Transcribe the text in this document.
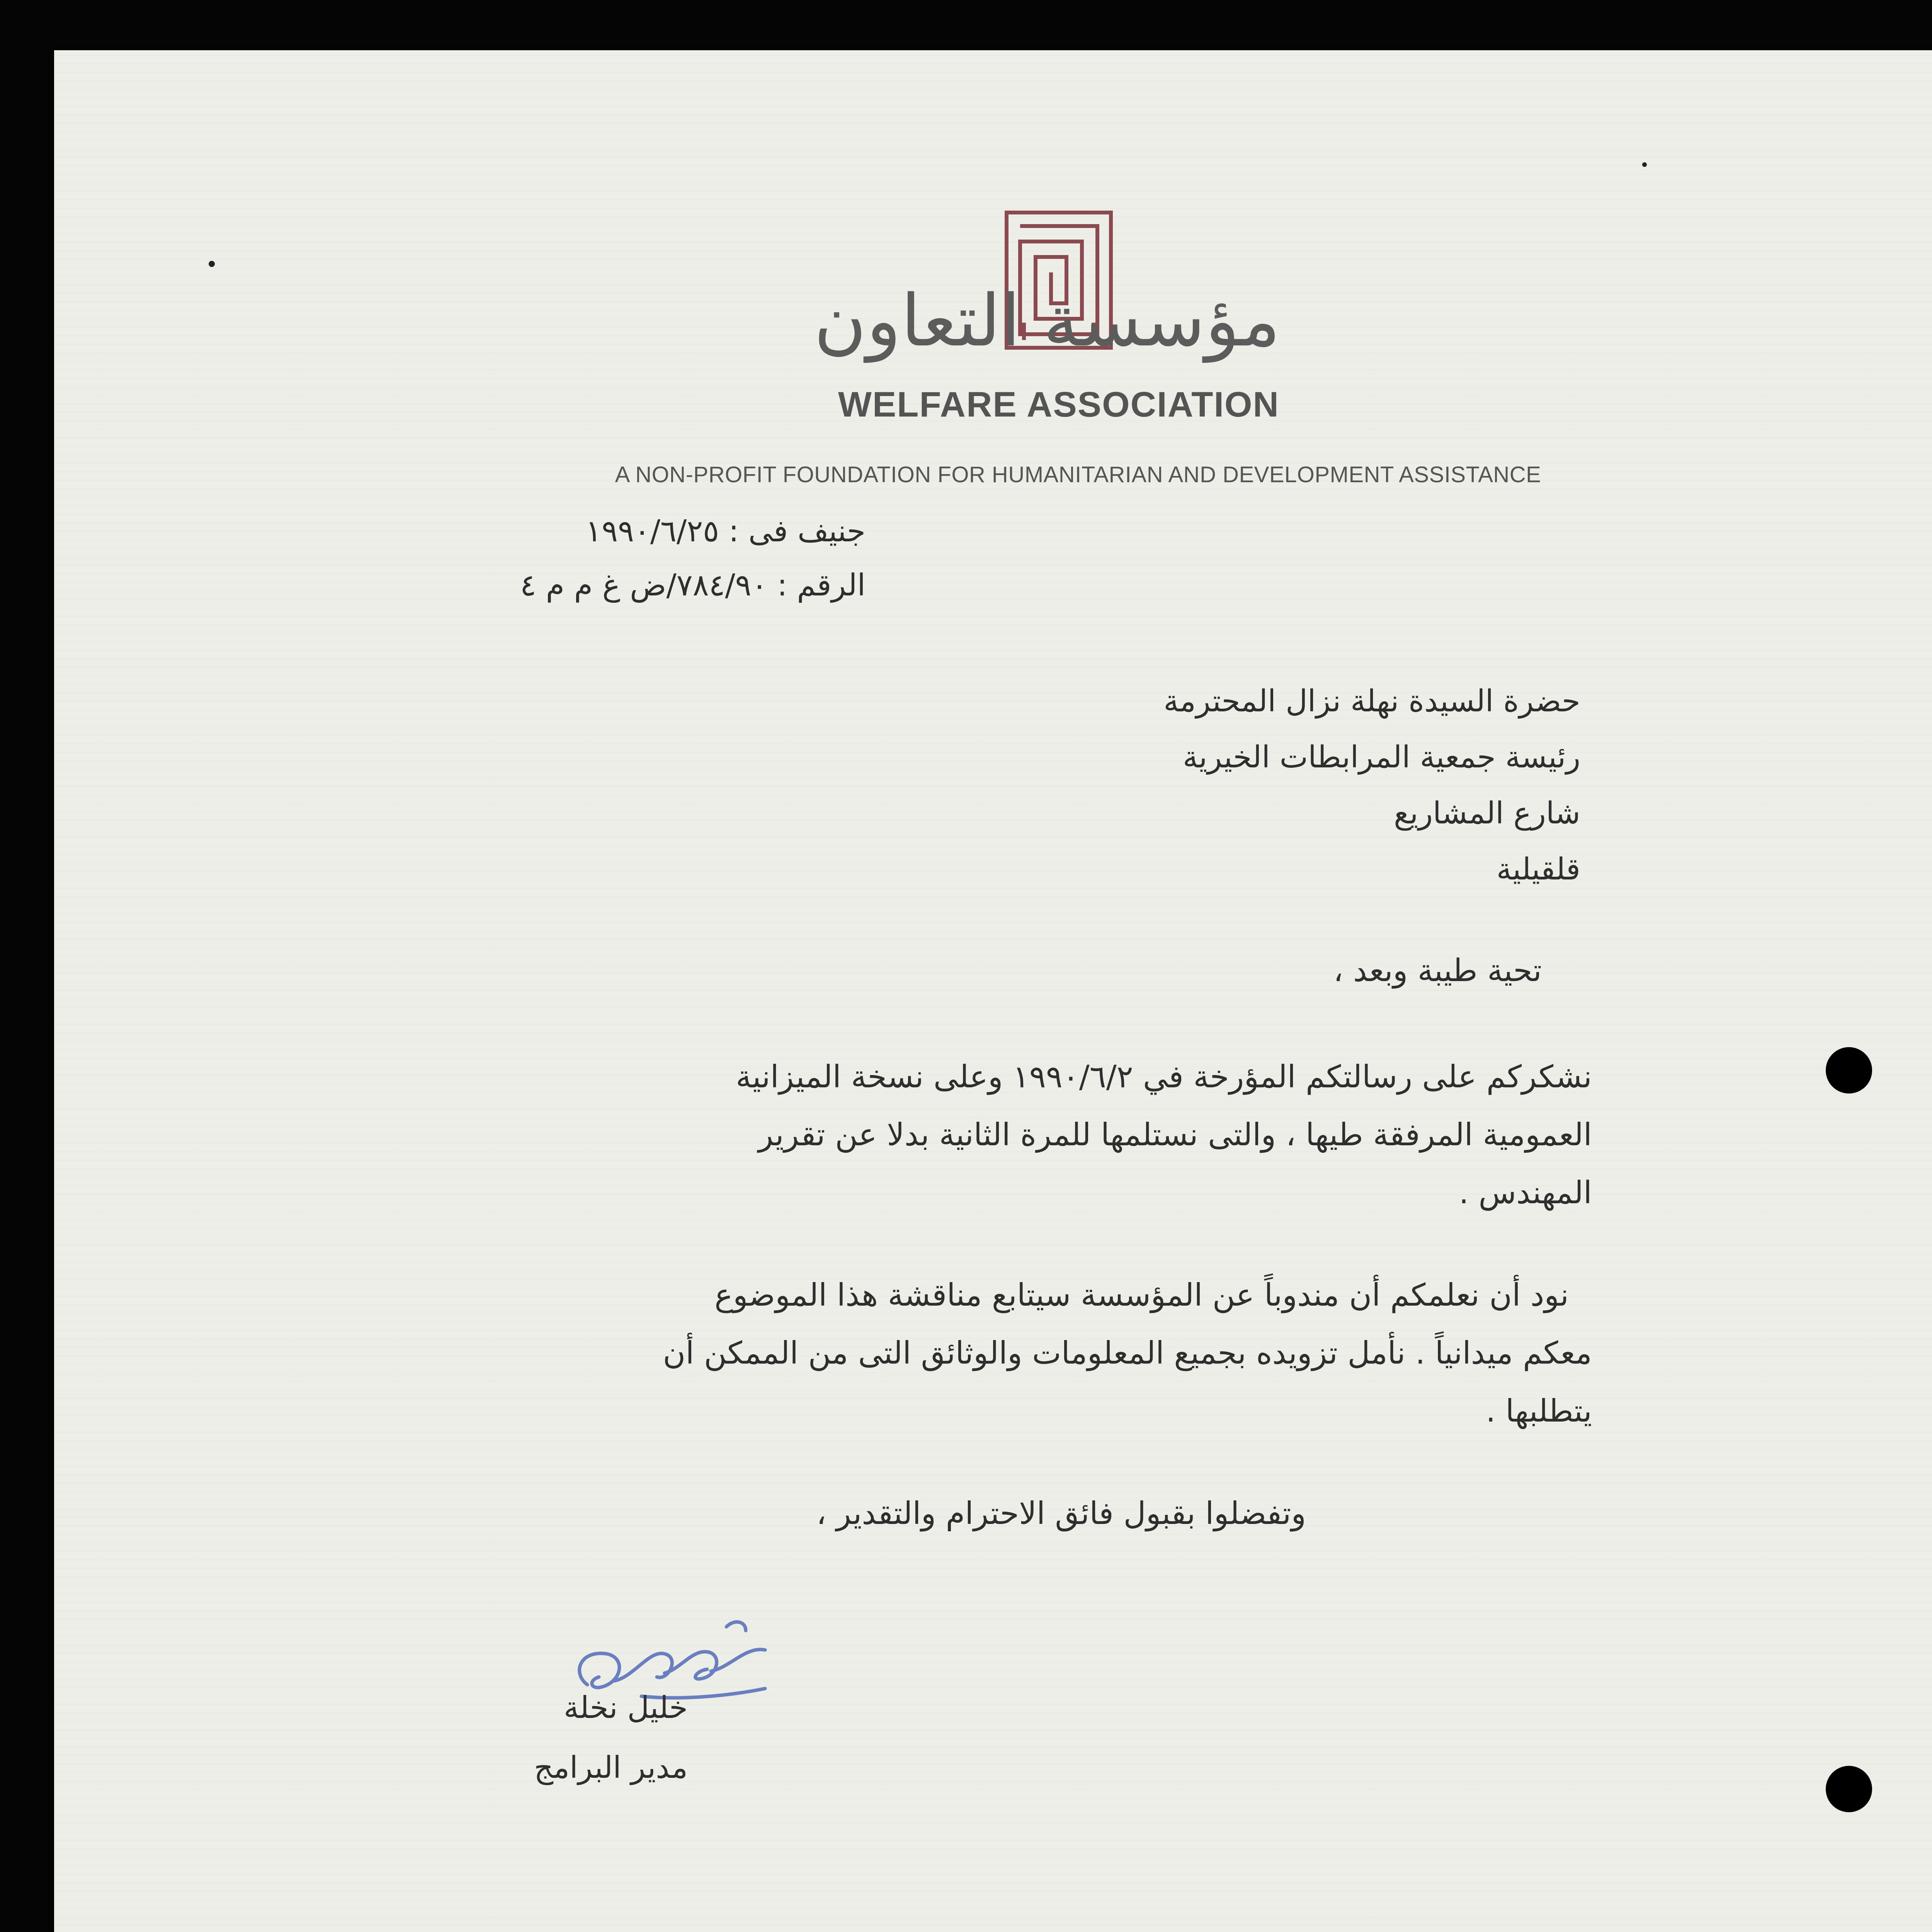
مؤسسة التعاون
WELFARE ASSOCIATION
A NON-PROFIT FOUNDATION FOR HUMANITARIAN AND DEVELOPMENT ASSISTANCE
جنيف فى : ١٩٩٠/٦/٢٥
الرقم : ٧٨٤/٩٠/ض غ م م ٤
حضرة السيدة نهلة نزال المحترمة
رئيسة جمعية المرابطات الخيرية
شارع المشاريع
قلقيلية
تحية طيبة وبعد ،
نشكركم على رسالتكم المؤرخة في ١٩٩٠/٦/٢ وعلى نسخة الميزانية
العمومية المرفقة طيها ، والتى نستلمها للمرة الثانية بدلا عن تقرير
المهندس .
نود أن نعلمكم أن مندوباً عن المؤسسة سيتابع مناقشة هذا الموضوع
معكم ميدانياً . نأمل تزويده بجميع المعلومات والوثائق التى من الممكن أن
يتطلبها .
وتفضلوا بقبول فائق الاحترام والتقدير ،
خليل نخلة
مدير البرامج
